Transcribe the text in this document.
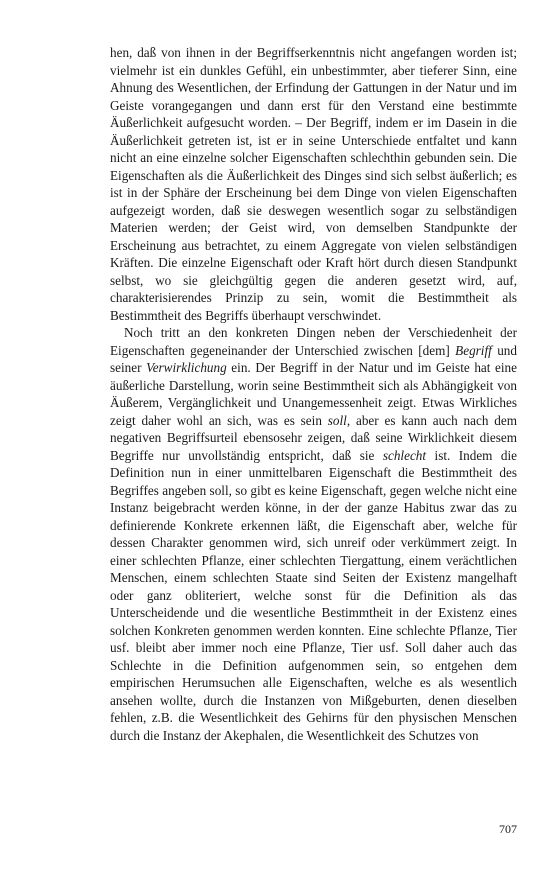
hen, daß von ihnen in der Begriffserkenntnis nicht angefangen worden ist; vielmehr ist ein dunkles Gefühl, ein unbestimmter, aber tieferer Sinn, eine Ahnung des Wesentlichen, der Erfindung der Gattungen in der Natur und im Geiste vorangegangen und dann erst für den Verstand eine bestimmte Äußerlichkeit aufgesucht worden. – Der Begriff, indem er im Dasein in die Äußerlichkeit getreten ist, ist er in seine Unterschiede entfaltet und kann nicht an eine einzelne solcher Eigenschaften schlechthin gebunden sein. Die Eigenschaften als die Äußerlichkeit des Dinges sind sich selbst äußerlich; es ist in der Sphäre der Erscheinung bei dem Dinge von vielen Eigenschaften aufgezeigt worden, daß sie deswegen wesentlich sogar zu selbständigen Materien werden; der Geist wird, von demselben Standpunkte der Erscheinung aus betrachtet, zu einem Aggregate von vielen selbständigen Kräften. Die einzelne Eigenschaft oder Kraft hört durch diesen Standpunkt selbst, wo sie gleichgültig gegen die anderen gesetzt wird, auf, charakterisierendes Prinzip zu sein, womit die Bestimmtheit als Bestimmtheit des Begriffs überhaupt verschwindet.

Noch tritt an den konkreten Dingen neben der Verschiedenheit der Eigenschaften gegeneinander der Unterschied zwischen [dem] Begriff und seiner Verwirklichung ein. Der Begriff in der Natur und im Geiste hat eine äußerliche Darstellung, worin seine Bestimmtheit sich als Abhängigkeit von Äußerem, Vergänglichkeit und Unangemessenheit zeigt. Etwas Wirkliches zeigt daher wohl an sich, was es sein soll, aber es kann auch nach dem negativen Begriffsurteil ebensosehr zeigen, daß seine Wirklichkeit diesem Begriffe nur unvollständig entspricht, daß sie schlecht ist. Indem die Definition nun in einer unmittelbaren Eigenschaft die Bestimmtheit des Begriffes angeben soll, so gibt es keine Eigenschaft, gegen welche nicht eine Instanz beigebracht werden könne, in der der ganze Habitus zwar das zu definierende Konkrete erkennen läßt, die Eigenschaft aber, welche für dessen Charakter genommen wird, sich unreif oder verkümmert zeigt. In einer schlechten Pflanze, einer schlechten Tiergattung, einem verächtlichen Menschen, einem schlechten Staate sind Seiten der Existenz mangelhaft oder ganz obliteriert, welche sonst für die Definition als das Unterscheidende und die wesentliche Bestimmtheit in der Existenz eines solchen Konkreten genommen werden konnten. Eine schlechte Pflanze, Tier usf. bleibt aber immer noch eine Pflanze, Tier usf. Soll daher auch das Schlechte in die Definition aufgenommen sein, so entgehen dem empirischen Herumsuchen alle Eigenschaften, welche es als wesentlich ansehen wollte, durch die Instanzen von Mißgeburten, denen dieselben fehlen, z.B. die Wesentlichkeit des Gehirns für den physischen Menschen durch die Instanz der Akephalen, die Wesentlichkeit des Schutzes von

707
